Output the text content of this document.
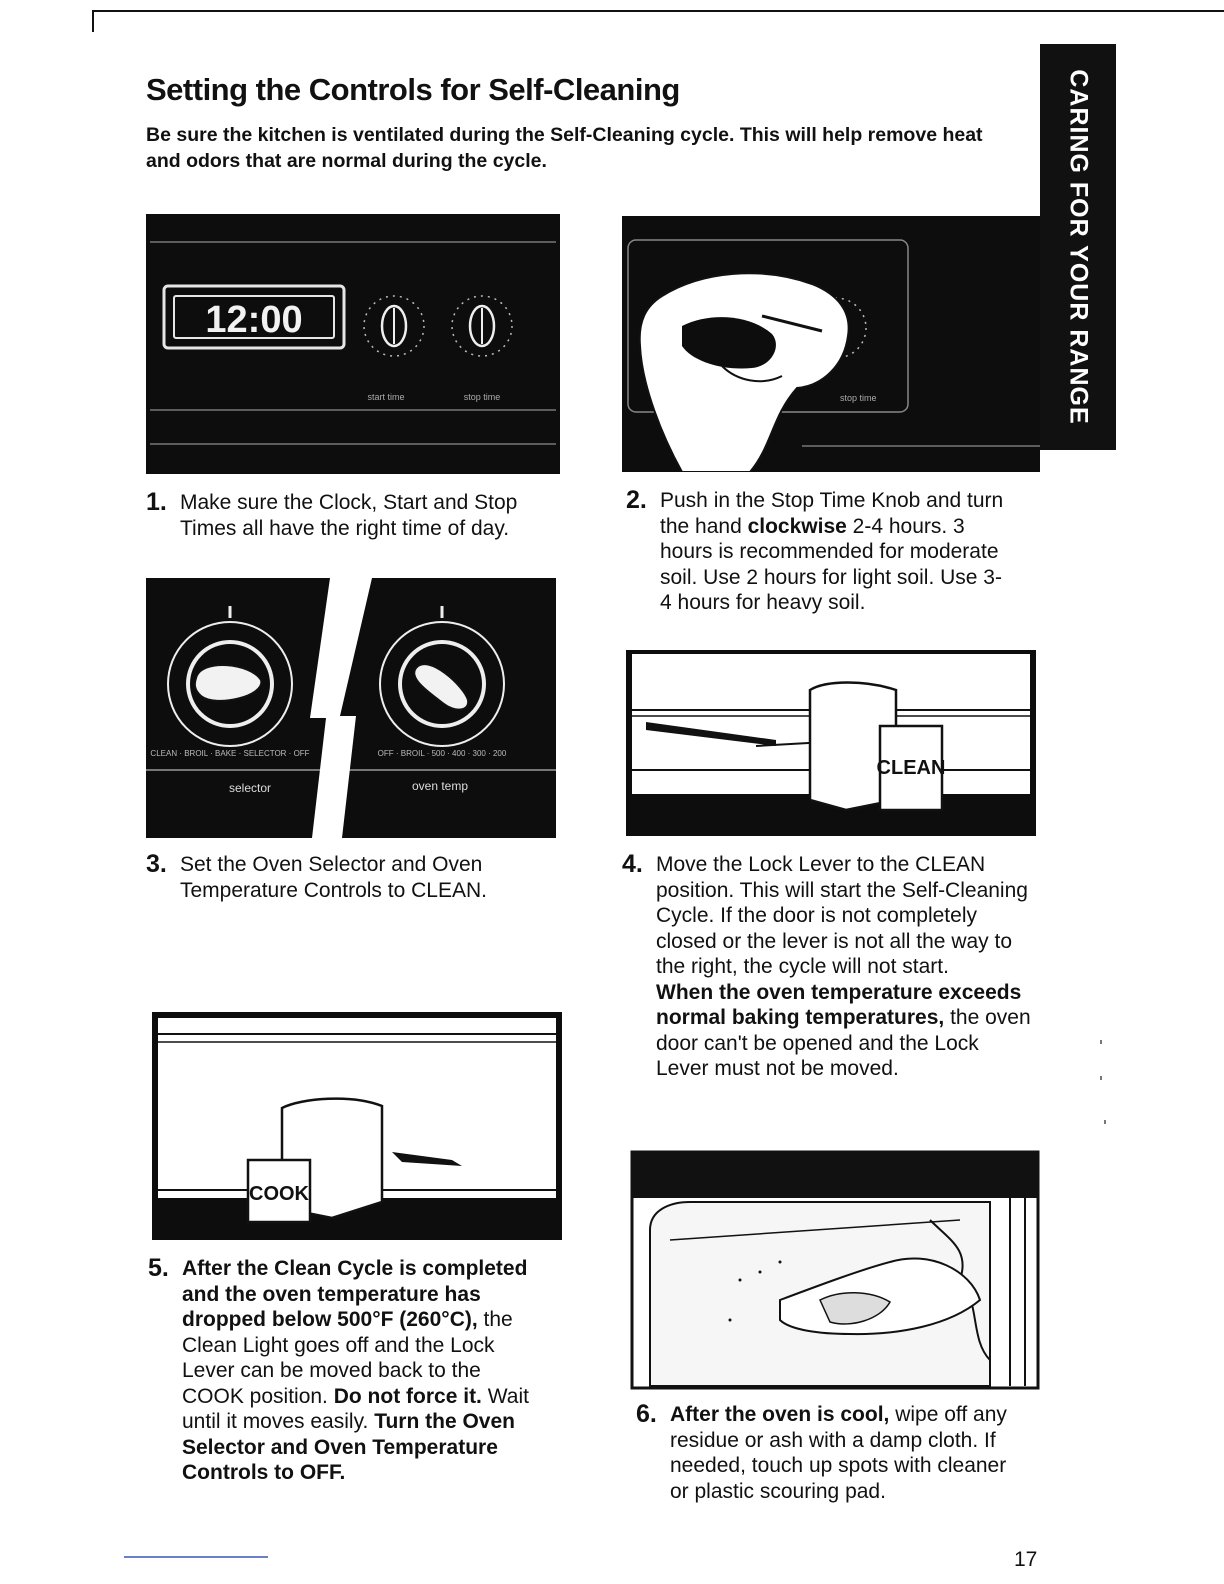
CARING FOR YOUR RANGE
Setting the Controls for Self-Cleaning

Be sure the kitchen is ventilated during the Self-Cleaning cycle. This will help remove heat and odors that are normal during the cycle.

12:00
start time	stop time	stop time
1. Make sure the Clock, Start and Stop Times all have the right time of day.
2. Push in the Stop Time Knob and turn the hand clockwise 2-4 hours. 3 hours is recommended for moderate soil. Use 2 hours for light soil. Use 3-4 hours for heavy soil.
CLEAN · BROIL · BAKE · SELECTOR · OFF	OFF · BROIL · 500 · 400 · 300 · 200
selector	oven temp
CLEAN
3. Set the Oven Selector and Oven Temperature Controls to CLEAN.
4. Move the Lock Lever to the CLEAN position. This will start the Self-Cleaning Cycle. If the door is not completely closed or the lever is not all the way to the right, the cycle will not start.
When the oven temperature exceeds normal baking temperatures, the oven door can't be opened and the Lock Lever must not be moved.
COOK
5. After the Clean Cycle is completed and the oven temperature has dropped below 500°F (260°C), the Clean Light goes off and the Lock Lever can be moved back to the COOK position. Do not force it. Wait until it moves easily. Turn the Oven Selector and Oven Temperature Controls to OFF.
6. After the oven is cool, wipe off any residue or ash with a damp cloth. If needed, touch up spots with cleaner or plastic scouring pad.
17
